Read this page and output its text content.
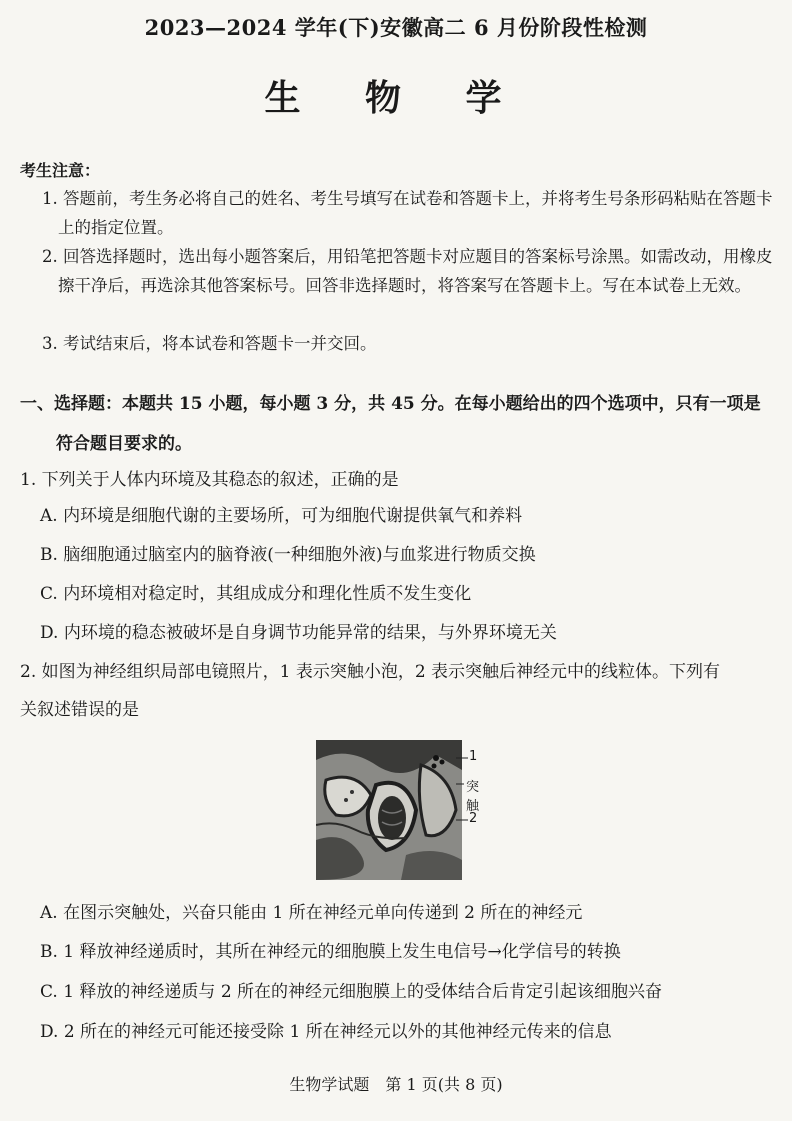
2023—2024 学年(下)安徽高二 6 月份阶段性检测
生 物 学
考生注意：
1. 答题前，考生务必将自己的姓名、考生号填写在试卷和答题卡上，并将考生号条形码粘贴在答题卡上的指定位置。
2. 回答选择题时，选出每小题答案后，用铅笔把答题卡对应题目的答案标号涂黑。如需改动，用橡皮擦干净后，再选涂其他答案标号。回答非选择题时，将答案写在答题卡上。写在本试卷上无效。
3. 考试结束后，将本试卷和答题卡一并交回。
一、选择题：本题共 15 小题，每小题 3 分，共 45 分。在每小题给出的四个选项中，只有一项是
符合题目要求的。
1. 下列关于人体内环境及其稳态的叙述，正确的是
A. 内环境是细胞代谢的主要场所，可为细胞代谢提供氧气和养料
B. 脑细胞通过脑室内的脑脊液(一种细胞外液)与血浆进行物质交换
C. 内环境相对稳定时，其组成成分和理化性质不发生变化
D. 内环境的稳态被破坏是自身调节功能异常的结果，与外界环境无关
2. 如图为神经组织局部电镜照片，1 表示突触小泡，2 表示突触后神经元中的线粒体。下列有
关叙述错误的是
1
突触
2
A. 在图示突触处，兴奋只能由 1 所在神经元单向传递到 2 所在的神经元
B. 1 释放神经递质时，其所在神经元的细胞膜上发生电信号→化学信号的转换
C. 1 释放的神经递质与 2 所在的神经元细胞膜上的受体结合后肯定引起该细胞兴奋
D. 2 所在的神经元可能还接受除 1 所在神经元以外的其他神经元传来的信息
生物学试题　第 1 页(共 8 页)
